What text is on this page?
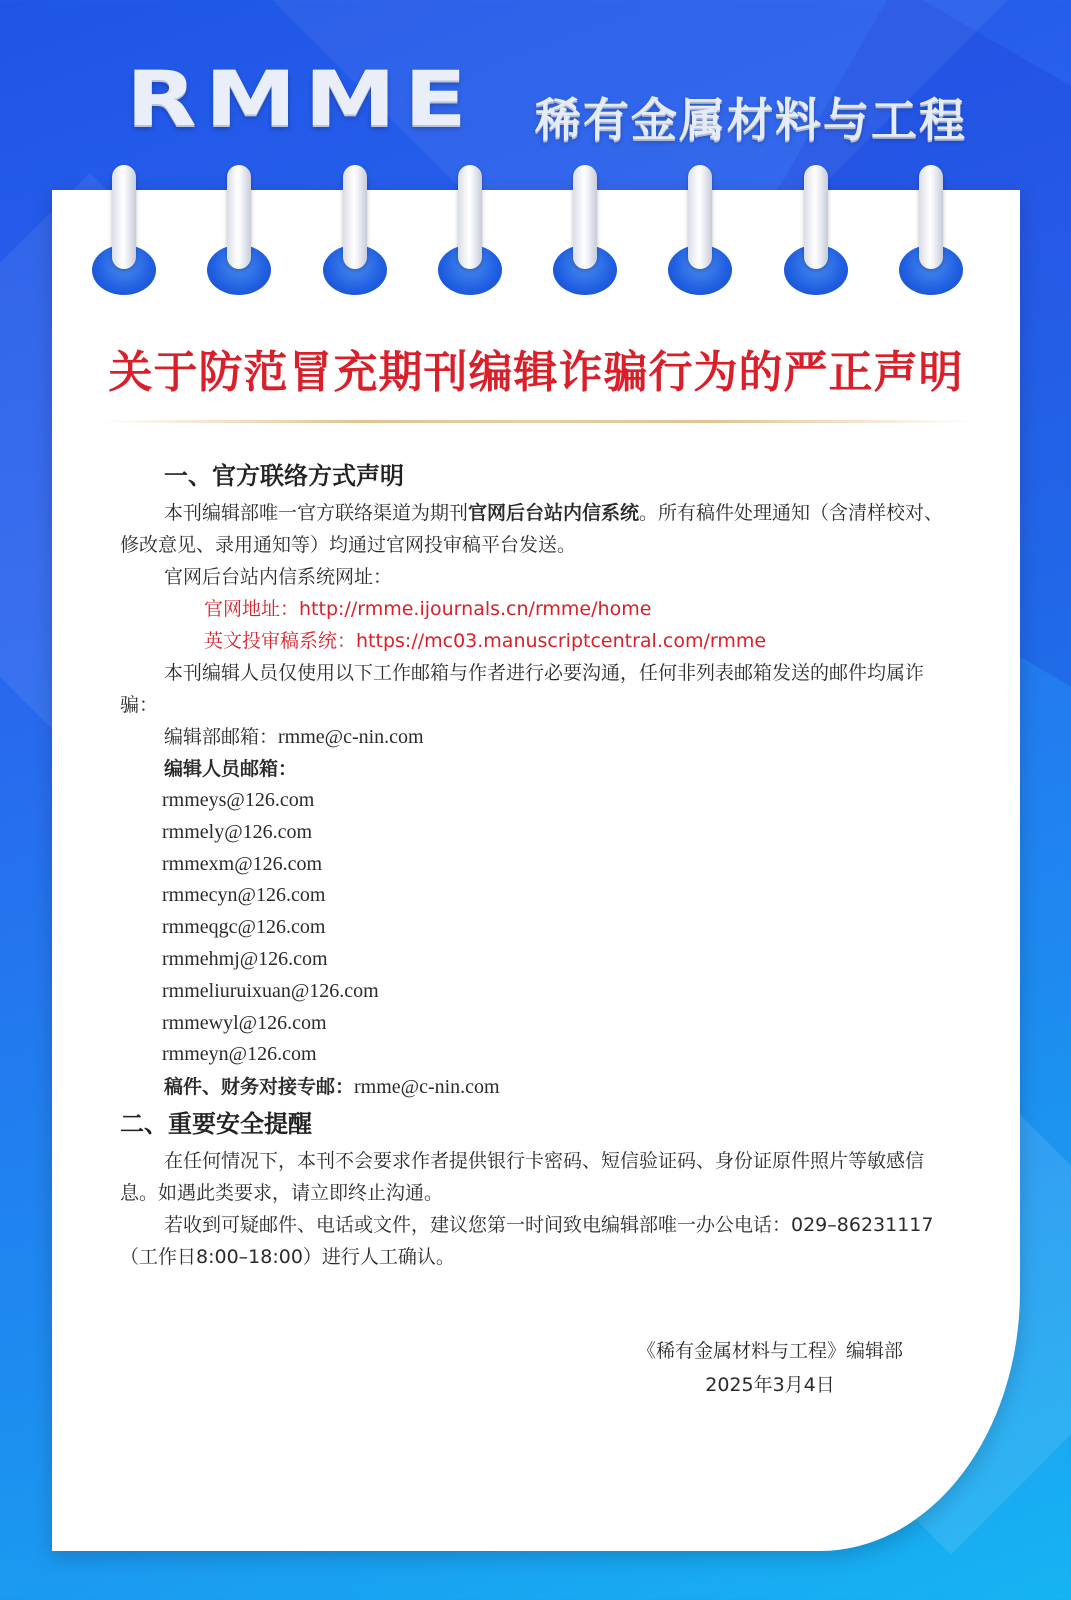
RMME 稀有金属材料与工程
关于防范冒充期刊编辑诈骗行为的严正声明
一、官方联络方式声明

本刊编辑部唯一官方联络渠道为期刊官网后台站内信系统。所有稿件处理通知（含清样校对、修改意见、录用通知等）均通过官网投审稿平台发送。

官网后台站内信系统网址：

官网地址：http://rmme.ijournals.cn/rmme/home

英文投审稿系统：https://mc03.manuscriptcentral.com/rmme

本刊编辑人员仅使用以下工作邮箱与作者进行必要沟通，任何非列表邮箱发送的邮件均属诈骗：

编辑部邮箱：rmme@c-nin.com

编辑人员邮箱：

rmmeys@126.com
rmmely@126.com
rmmexm@126.com
rmmecyn@126.com
rmmeqgc@126.com
rmmehmj@126.com
rmmeliuruixuan@126.com
rmmewyl@126.com
rmmeyn@126.com

稿件、财务对接专邮：rmme@c-nin.com

二、重要安全提醒

在任何情况下，本刊不会要求作者提供银行卡密码、短信验证码、身份证原件照片等敏感信息。如遇此类要求，请立即终止沟通。

若收到可疑邮件、电话或文件，建议您第一时间致电编辑部唯一办公电话：029–86231117（工作日8:00–18:00）进行人工确认。

《稀有金属材料与工程》编辑部
2025年3月4日
